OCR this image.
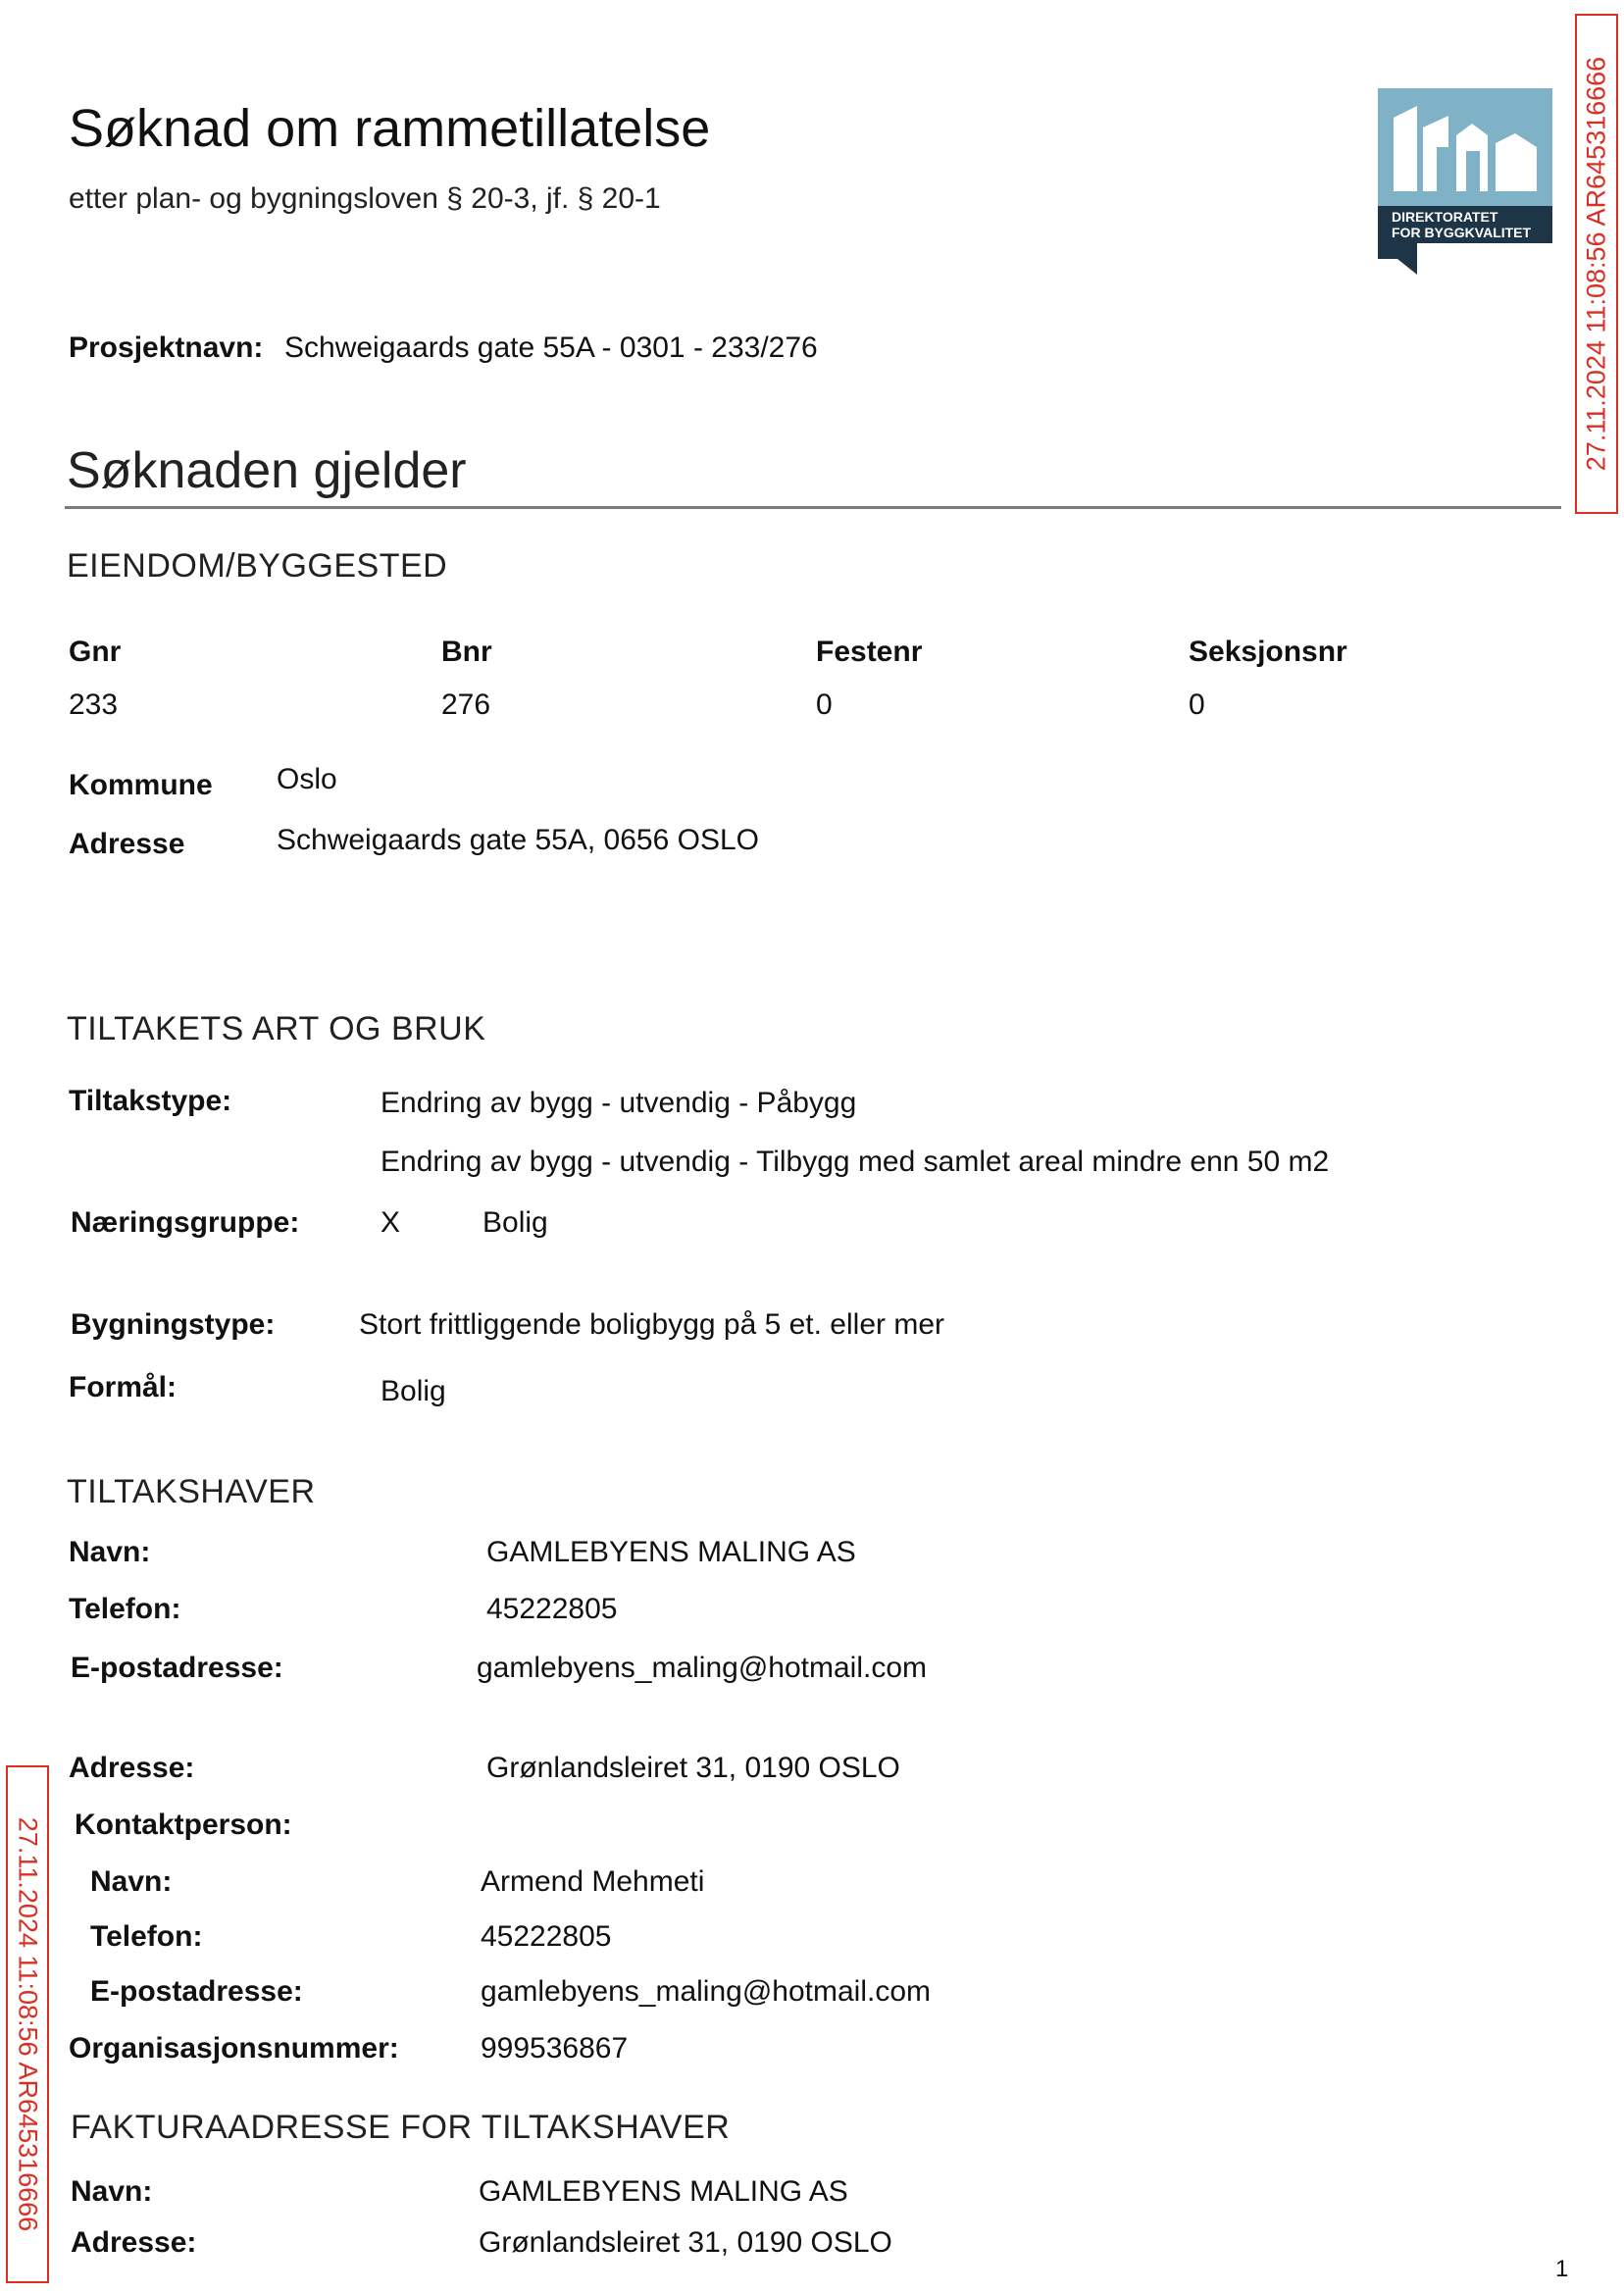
Søknad om rammetillatelse
etter plan- og bygningsloven § 20-3, jf. § 20-1
DIREKTORATET
FOR BYGGKVALITET 27.11.2024 11:08:56 AR645316666
Prosjektnavn: Schweigaards gate 55A - 0301 - 233/276
Søknaden gjelder
EIENDOM/BYGGESTED
Gnr	Bnr	Festenr	Seksjonsnr
233	276	0	0
Kommune Oslo
Adresse	Schweigaards gate 55A, 0656 OSLO
TILTAKETS ART OG BRUK
Tiltakstype:	Endring av bygg - utvendig - Påbygg
Endring av bygg - utvendig - Tilbygg med samlet areal mindre enn 50 m2
Næringsgruppe:	X	Bolig
Bygningstype:	Stort frittliggende boligbygg på 5 et. eller mer
Formål:	Bolig
TILTAKSHAVER
Navn:	GAMLEBYENS MALING AS
Telefon:	45222805
E-postadresse:	gamlebyens_maling@hotmail.com
Adresse:	Grønlandsleiret 31, 0190 OSLO
Kontaktperson:
Navn:	Armend Mehmeti
Telefon:	45222805
E-postadresse:	gamlebyens_maling@hotmail.com
Organisasjonsnummer:	999536867
27.11.2024 11:08:56 AR645316666 FAKTURAADRESSE FOR TILTAKSHAVER
Navn:	GAMLEBYENS MALING AS
Adresse:	Grønlandsleiret 31, 0190 OSLO
1
